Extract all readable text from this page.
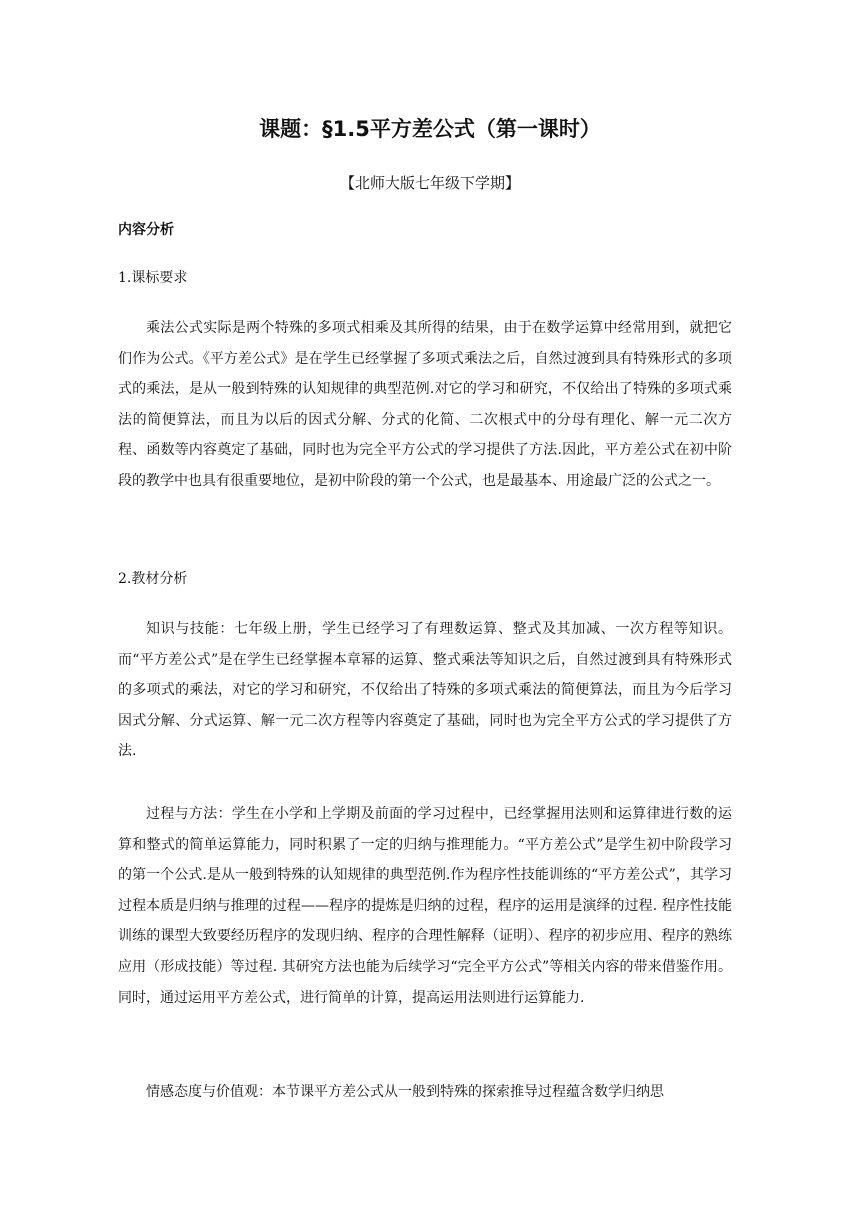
课题：§1.5平方差公式（第一课时）
【北师大版七年级下学期】
内容分析
1.课标要求

乘法公式实际是两个特殊的多项式相乘及其所得的结果，由于在数学运算中经常用到，就把它们作为公式。《平方差公式》是在学生已经掌握了多项式乘法之后，自然过渡到具有特殊形式的多项式的乘法，是从一般到特殊的认知规律的典型范例.对它的学习和研究，不仅给出了特殊的多项式乘法的简便算法，而且为以后的因式分解、分式的化简、二次根式中的分母有理化、解一元二次方程、函数等内容奠定了基础，同时也为完全平方公式的学习提供了方法.因此，平方差公式在初中阶段的教学中也具有很重要地位，是初中阶段的第一个公式，也是最基本、用途最广泛的公式之一。

2.教材分析

知识与技能：七年级上册，学生已经学习了有理数运算、整式及其加减、一次方程等知识。而“平方差公式”是在学生已经掌握本章幂的运算、整式乘法等知识之后，自然过渡到具有特殊形式的多项式的乘法，对它的学习和研究，不仅给出了特殊的多项式乘法的简便算法，而且为今后学习因式分解、分式运算、解一元二次方程等内容奠定了基础，同时也为完全平方公式的学习提供了方法.

过程与方法：学生在小学和上学期及前面的学习过程中，已经掌握用法则和运算律进行数的运算和整式的简单运算能力，同时积累了一定的归纳与推理能力。“平方差公式”是学生初中阶段学习的第一个公式.是从一般到特殊的认知规律的典型范例.作为程序性技能训练的“平方差公式”，其学习过程本质是归纳与推理的过程——程序的提炼是归纳的过程，程序的运用是演绎的过程. 程序性技能训练的课型大致要经历程序的发现归纳、程序的合理性解释（证明）、程序的初步应用、程序的熟练应用（形成技能）等过程. 其研究方法也能为后续学习“完全平方公式”等相关内容的带来借鉴作用。同时，通过运用平方差公式，进行简单的计算，提高运用法则进行运算能力.

情感态度与价值观：本节课平方差公式从一般到特殊的探索推导过程蕴含数学归纳思
